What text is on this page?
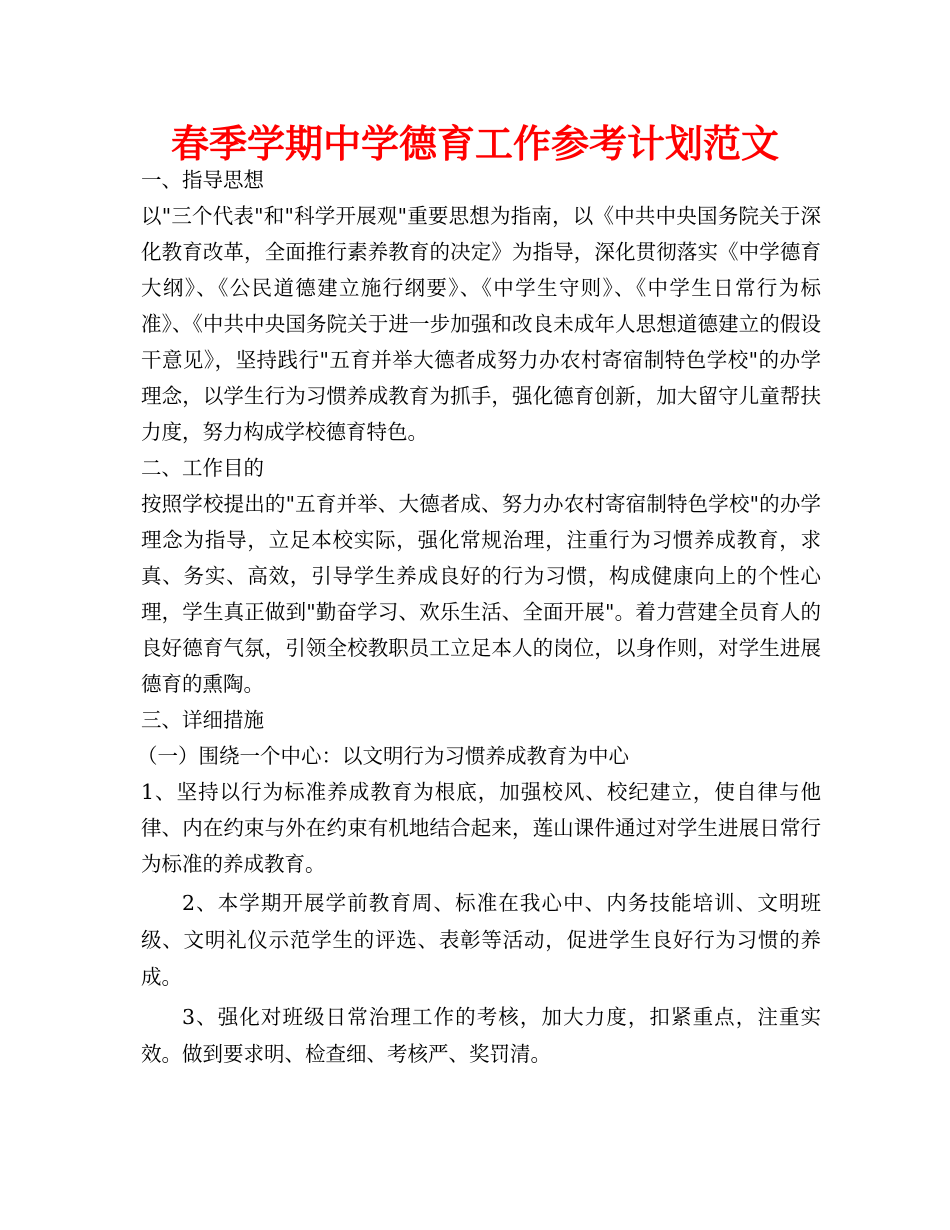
春季学期中学德育工作参考计划范文

一、指导思想

以"三个代表"和"科学开展观"重要思想为指南，以《中共中央国务院关于深化教育改革，全面推行素养教育的决定》为指导，深化贯彻落实《中学德育大纲》、《公民道德建立施行纲要》、《中学生守则》、《中学生日常行为标准》、《中共中央国务院关于进一步加强和改良未成年人思想道德建立的假设干意见》，坚持践行"五育并举大德者成努力办农村寄宿制特色学校"的办学理念，以学生行为习惯养成教育为抓手，强化德育创新，加大留守儿童帮扶力度，努力构成学校德育特色。

二、工作目的

按照学校提出的"五育并举、大德者成、努力办农村寄宿制特色学校"的办学理念为指导，立足本校实际，强化常规治理，注重行为习惯养成教育，求真、务实、高效，引导学生养成良好的行为习惯，构成健康向上的个性心理，学生真正做到"勤奋学习、欢乐生活、全面开展"。着力营建全员育人的良好德育气氛，引领全校教职员工立足本人的岗位，以身作则，对学生进展德育的熏陶。

三、详细措施

（一）围绕一个中心：以文明行为习惯养成教育为中心

1、坚持以行为标准养成教育为根底，加强校风、校纪建立，使自律与他律、内在约束与外在约束有机地结合起来，莲山课件通过对学生进展日常行为标准的养成教育。

2、本学期开展学前教育周、标准在我心中、内务技能培训、文明班级、文明礼仪示范学生的评选、表彰等活动，促进学生良好行为习惯的养成。

3、强化对班级日常治理工作的考核，加大力度，扣紧重点，注重实效。做到要求明、检查细、考核严、奖罚清。
